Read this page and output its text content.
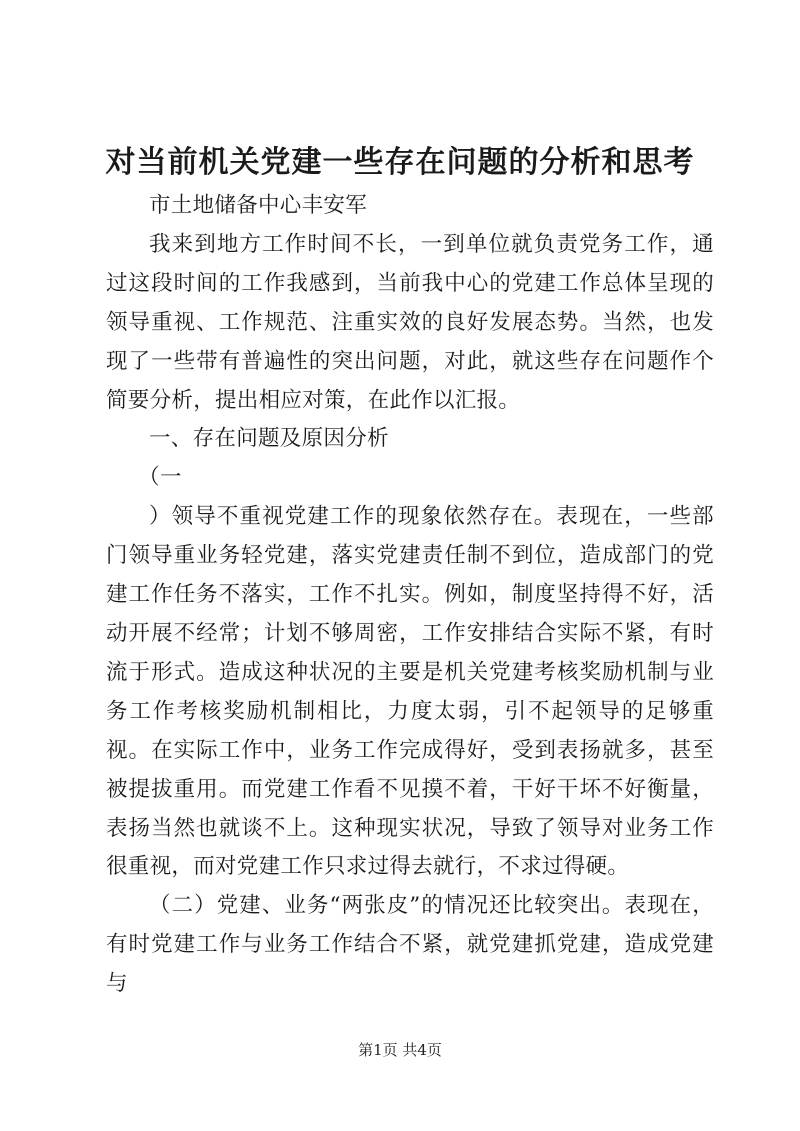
对当前机关党建一些存在问题的分析和思考

市土地储备中心丰安军

我来到地方工作时间不长，一到单位就负责党务工作，通过这段时间的工作我感到，当前我中心的党建工作总体呈现的领导重视、工作规范、注重实效的良好发展态势。当然，也发现了一些带有普遍性的突出问题，对此，就这些存在问题作个简要分析，提出相应对策，在此作以汇报。

一、存在问题及原因分析

（一

）领导不重视党建工作的现象依然存在。表现在，一些部门领导重业务轻党建，落实党建责任制不到位，造成部门的党建工作任务不落实，工作不扎实。例如，制度坚持得不好，活动开展不经常；计划不够周密，工作安排结合实际不紧，有时流于形式。造成这种状况的主要是机关党建考核奖励机制与业务工作考核奖励机制相比，力度太弱，引不起领导的足够重视。在实际工作中，业务工作完成得好，受到表扬就多，甚至被提拔重用。而党建工作看不见摸不着，干好干坏不好衡量，表扬当然也就谈不上。这种现实状况，导致了领导对业务工作很重视，而对党建工作只求过得去就行，不求过得硬。

（二）党建、业务“两张皮”的情况还比较突出。表现在，有时党建工作与业务工作结合不紧，就党建抓党建，造成党建与

第1页 共4页
